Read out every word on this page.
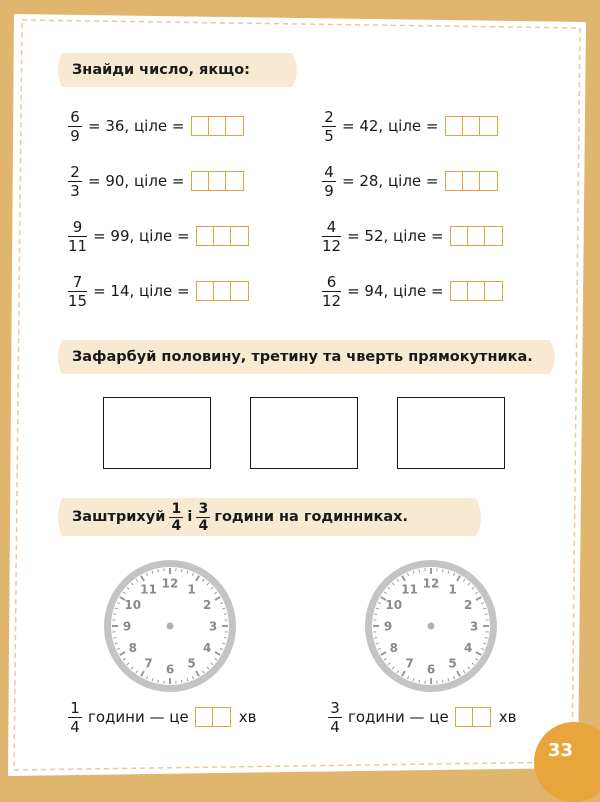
Знайди число, якщо:
$\frac{6}{9} = 36$, ціле =
$\frac{2}{3} = 90$, ціле =
$\frac{9}{11} = 99$, ціле =
$\frac{7}{15} = 14$, ціле =
$\frac{2}{5} = 42$, ціле =
$\frac{4}{9} = 28$, ціле =
$\frac{4}{12} = 52$, ціле =
$\frac{6}{12} = 94$, ціле =
Зафарбуй половину, третину та чверть прямокутника.
Заштрихуй $\frac{1}{4}$ і $\frac{3}{4}$ години на годинниках.
12 1
2
3
4
5
6
7
8
9
10
11	12 1
2
3
4
5
6
7
8
9
10
11
$\frac{1}{4}$ години
—
це	хв	$\frac{3}{4}$ години
—
це	хв
33
